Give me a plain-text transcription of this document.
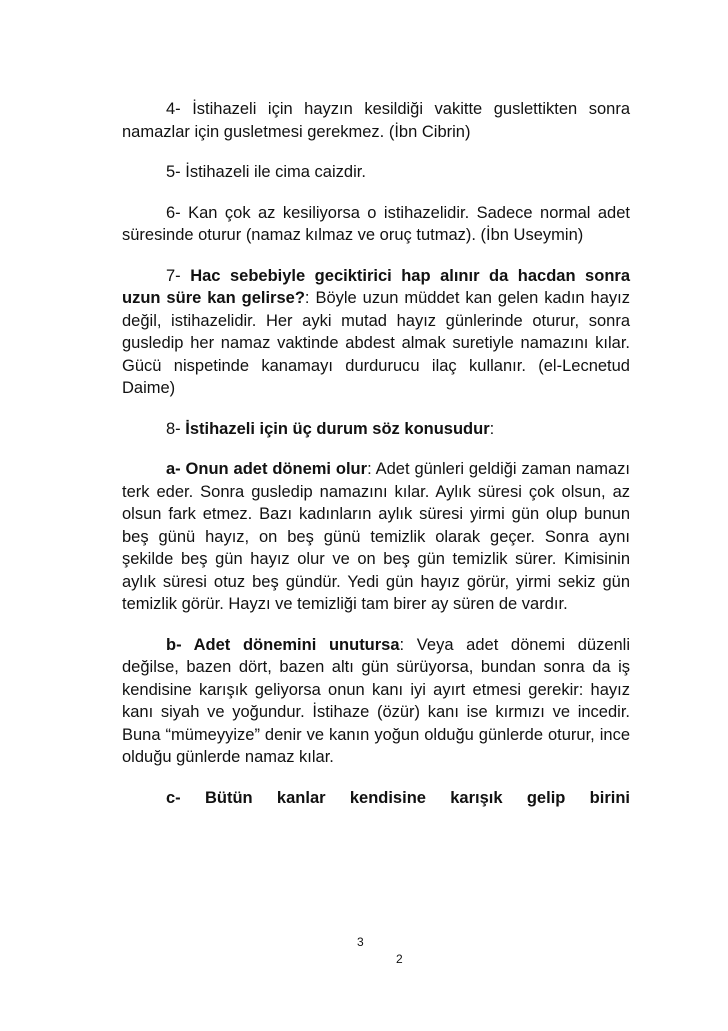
4- İstihazeli için hayzın kesildiği vakitte guslettikten sonra namazlar için gusletmesi gerekmez. (İbn Cibrin)

5- İstihazeli ile cima caizdir.

6- Kan çok az kesiliyorsa o istihazelidir. Sadece normal adet süresinde oturur (namaz kılmaz ve oruç tutmaz). (İbn Useymin)

7- Hac sebebiyle geciktirici hap alınır da hacdan sonra uzun süre kan gelirse?: Böyle uzun müddet kan gelen kadın hayız değil, istihazelidir. Her ayki mutad hayız günlerinde oturur, sonra gusledip her namaz vaktinde abdest almak suretiyle namazını kılar. Gücü nispetinde kanamayı durdurucu ilaç kullanır. (el-Lecnetud Daime)

8- İstihazeli için üç durum söz konusudur:

a- Onun adet dönemi olur: Adet günleri geldiği zaman namazı terk eder. Sonra gusledip namazını kılar. Aylık süresi çok olsun, az olsun fark etmez. Bazı kadınların aylık süresi yirmi gün olup bunun beş günü hayız, on beş günü temizlik olarak geçer. Sonra aynı şekilde beş gün hayız olur ve on beş gün temizlik sürer. Kimisinin aylık süresi otuz beş gündür. Yedi gün hayız görür, yirmi sekiz gün temizlik görür. Hayzı ve temizliği tam birer ay süren de vardır.

b- Adet dönemini unutursa: Veya adet dönemi düzenli değilse, bazen dört, bazen altı gün sürüyorsa, bundan sonra da iş kendisine karışık geliyorsa onun kanı iyi ayırt etmesi gerekir: hayız kanı siyah ve yoğundur. İstihaze (özür) kanı ise kırmızı ve incedir. Buna “mümeyyize” denir ve kanın yoğun olduğu günlerde oturur, ince olduğu günlerde namaz kılar.

c- Bütün kanlar kendisine karışık gelip birini

3
2
